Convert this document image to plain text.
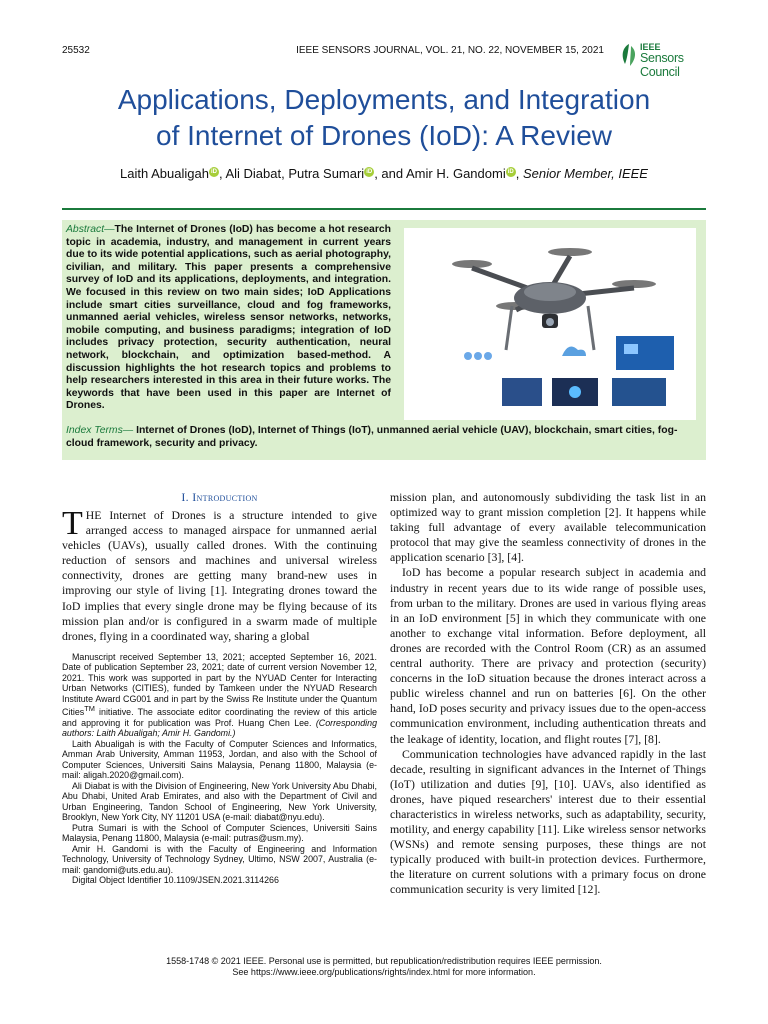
25532	IEEE SENSORS JOURNAL, VOL. 21, NO. 22, NOVEMBER 15, 2021	IEEE
Sensors Council
Applications, Deployments, and Integration
of Internet of Drones (IoD): A Review
Laith Abualigah iD , Ali Diabat, Putra Sumari iD , and Amir H. Gandomi iD , Senior Member, IEEE
Abstract—The Internet of Drones (IoD) has become a hot research topic in academia, industry, and management in current years due to its wide potential applications, such as aerial photography, civilian, and military. This paper presents a comprehensive survey of IoD and its applications, deployments, and integration. We focused in this review on two main sides; IoD Applications include smart cities surveillance, cloud and fog frameworks, unmanned aerial vehicles, wireless sensor networks, networks, mobile computing, and business paradigms; integration of IoD includes privacy protection, security authentication, neural network, blockchain, and optimization based-method. A discussion highlights the hot research topics and problems to help researchers interested in this area in their future works. The keywords that have been used in this paper are Internet of Drones.
Index Terms— Internet of Drones (IoD), Internet of Things (IoT), unmanned aerial vehicle (UAV), blockchain, smart cities, fog-cloud framework, security and privacy.
I. Introduction

THE Internet of Drones is a structure intended to give arranged access to managed airspace for unmanned aerial vehicles (UAVs), usually called drones. With the continuing reduction of sensors and machines and universal wireless connectivity, drones are getting many brand-new uses in improving our style of living [1]. Integrating drones toward the IoD implies that every single drone may be flying because of its mission plan and/or is configured in a swarm made of multiple drones, flying in a coordinated way, sharing a global

Manuscript received September 13, 2021; accepted September 16, 2021. Date of publication September 23, 2021; date of current version November 12, 2021. This work was supported in part by the NYUAD Center for Interacting Urban Networks (CITIES), funded by Tamkeen under the NYUAD Research Institute Award CG001 and in part by the Swiss Re Institute under the Quantum Cities™ initiative. The associate editor coordinating the review of this article and approving it for publication was Prof. Huang Chen Lee. (Corresponding authors: Laith Abualigah; Amir H. Gandomi.)

Laith Abualigah is with the Faculty of Computer Sciences and Informatics, Amman Arab University, Amman 11953, Jordan, and also with the School of Computer Sciences, Universiti Sains Malaysia, Penang 11800, Malaysia (e-mail: aligah.2020@gmail.com).

Ali Diabat is with the Division of Engineering, New York University Abu Dhabi, Abu Dhabi, United Arab Emirates, and also with the Department of Civil and Urban Engineering, Tandon School of Engineering, New York University, Brooklyn, New York City, NY 11201 USA (e-mail: diabat@nyu.edu).

Putra Sumari is with the School of Computer Sciences, Universiti Sains Malaysia, Penang 11800, Malaysia (e-mail: putras@usm.my).

Amir H. Gandomi is with the Faculty of Engineering and Information Technology, University of Technology Sydney, Ultimo, NSW 2007, Australia (e-mail: gandomi@uts.edu.au).

Digital Object Identifier 10.1109/JSEN.2021.3114266

mission plan, and autonomously subdividing the task list in an optimized way to grant mission completion [2]. It happens while taking full advantage of every available telecommunication protocol that may give the seamless connectivity of drones in the application scenario [3], [4].

IoD has become a popular research subject in academia and industry in recent years due to its wide range of possible uses, from urban to the military. Drones are used in various flying areas in an IoD environment [5] in which they communicate with one another to exchange vital information. Before deployment, all drones are recorded with the Control Room (CR) as an assumed central authority. There are privacy and protection (security) concerns in the IoD situation because the drones interact across a public wireless channel and run on batteries [6]. On the other hand, IoD poses security and privacy issues due to the open-access communication environment, including authentication threats and the leakage of identity, location, and flight routes [7], [8].

Communication technologies have advanced rapidly in the last decade, resulting in significant advances in the Internet of Things (IoT) utilization and duties [9], [10]. UAVs, also identified as drones, have piqued researchers' interest due to their essential characteristics in wireless networks, such as adaptability, security, motility, and energy capability [11]. Like wireless sensor networks (WSNs) and remote sensing purposes, these things are not typically produced with built-in protection devices. Furthermore, the literature on current solutions with a primary focus on drone communication security is very limited [12].

1558-1748 © 2021 IEEE. Personal use is permitted, but republication/redistribution requires IEEE permission.
See https://www.ieee.org/publications/rights/index.html for more information.
